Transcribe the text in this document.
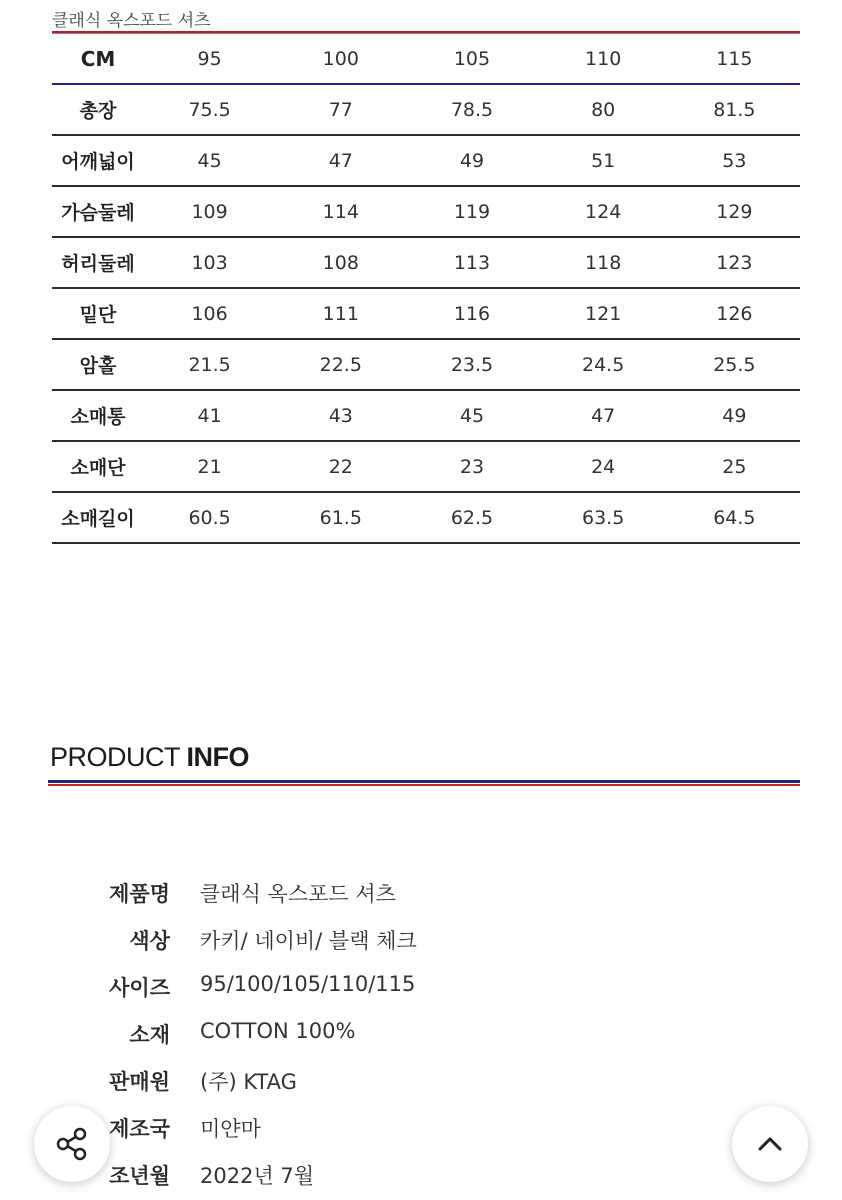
클래식 옥스포드 셔츠
CM	95	100	105	110	115
총장	75.5	77	78.5	80	81.5
어깨넓이	45	47	49	51	53
가슴둘레	109	114	119	124	129
허리둘레	103	108	113	118	123
밑단	106	111	116	121	126
암홀	21.5	22.5	23.5	24.5	25.5
소매통	41	43	45	47	49
소매단	21	22	23	24	25
소매길이	60.5	61.5	62.5	63.5	64.5
PRODUCT INFO
제품명 클래식 옥스포드 셔츠
색상 카키/ 네이비/ 블랙 체크
사이즈 95/100/105/110/115
소재 COTTON 100%
판매원 (주) KTAG
제조국 미얀마
조년월 2022년 7월
